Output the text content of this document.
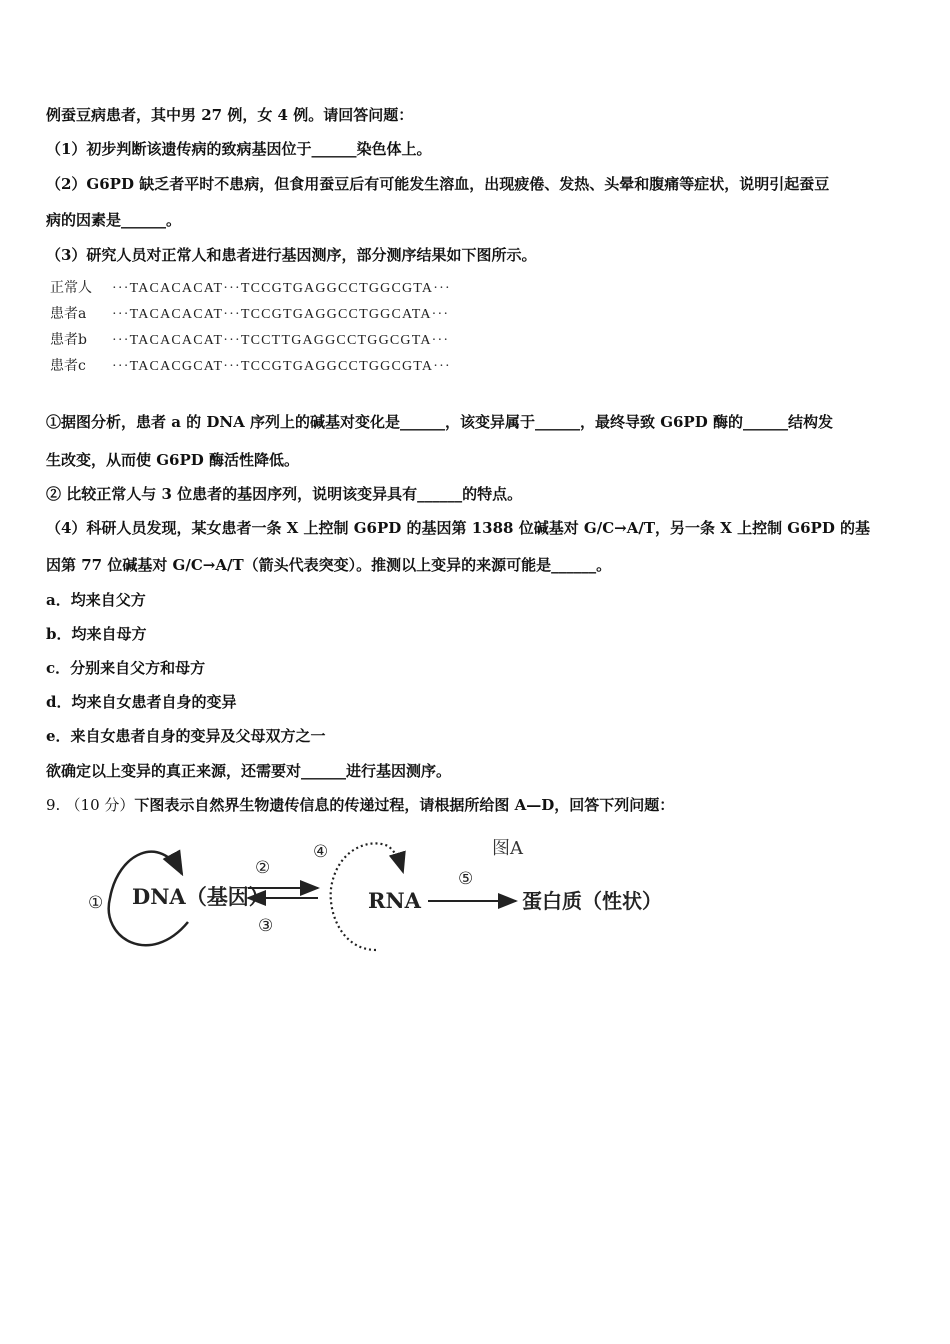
例蚕豆病患者，其中男 27 例，女 4 例。请回答问题：
（1）初步判断该遗传病的致病基因位于______染色体上。
（2）G6PD 缺乏者平时不患病，但食用蚕豆后有可能发生溶血，出现疲倦、发热、头晕和腹痛等症状，说明引起蚕豆
病的因素是______。
（3）研究人员对正常人和患者进行基因测序，部分测序结果如下图所示。
正常人 ···TACACACAT···TCCGTGAGGCCTGGCGTA···
患者a ···TACACACAT···TCCGTGAGGCCTGGCATA···
患者b ···TACACACAT···TCCTTGAGGCCTGGCGTA···
患者c ···TACACGCAT···TCCGTGAGGCCTGGCGTA···
①据图分析，患者 a 的 DNA 序列上的碱基对变化是______，该变异属于______，最终导致 G6PD 酶的______结构发
生改变，从而使 G6PD 酶活性降低。
② 比较正常人与 3 位患者的基因序列，说明该变异具有______的特点。
（4）科研人员发现，某女患者一条 X 上控制 G6PD 的基因第 1388 位碱基对 G/C→A/T，另一条 X 上控制 G6PD 的基
因第 77 位碱基对 G/C→A/T（箭头代表突变）。推测以上变异的来源可能是______。
a．均来自父方
b．均来自母方
c．分别来自父方和母方
d．均来自女患者自身的变异
e．来自女患者自身的变异及父母双方之一
欲确定以上变异的真正来源，还需要对______进行基因测序。
9. （10 分）下图表示自然界生物遗传信息的传递过程，请根据所给图 A—D，回答下列问题：
图A
① DNA（基因）
②
③
④
RNA
⑤
蛋白质（性状）
